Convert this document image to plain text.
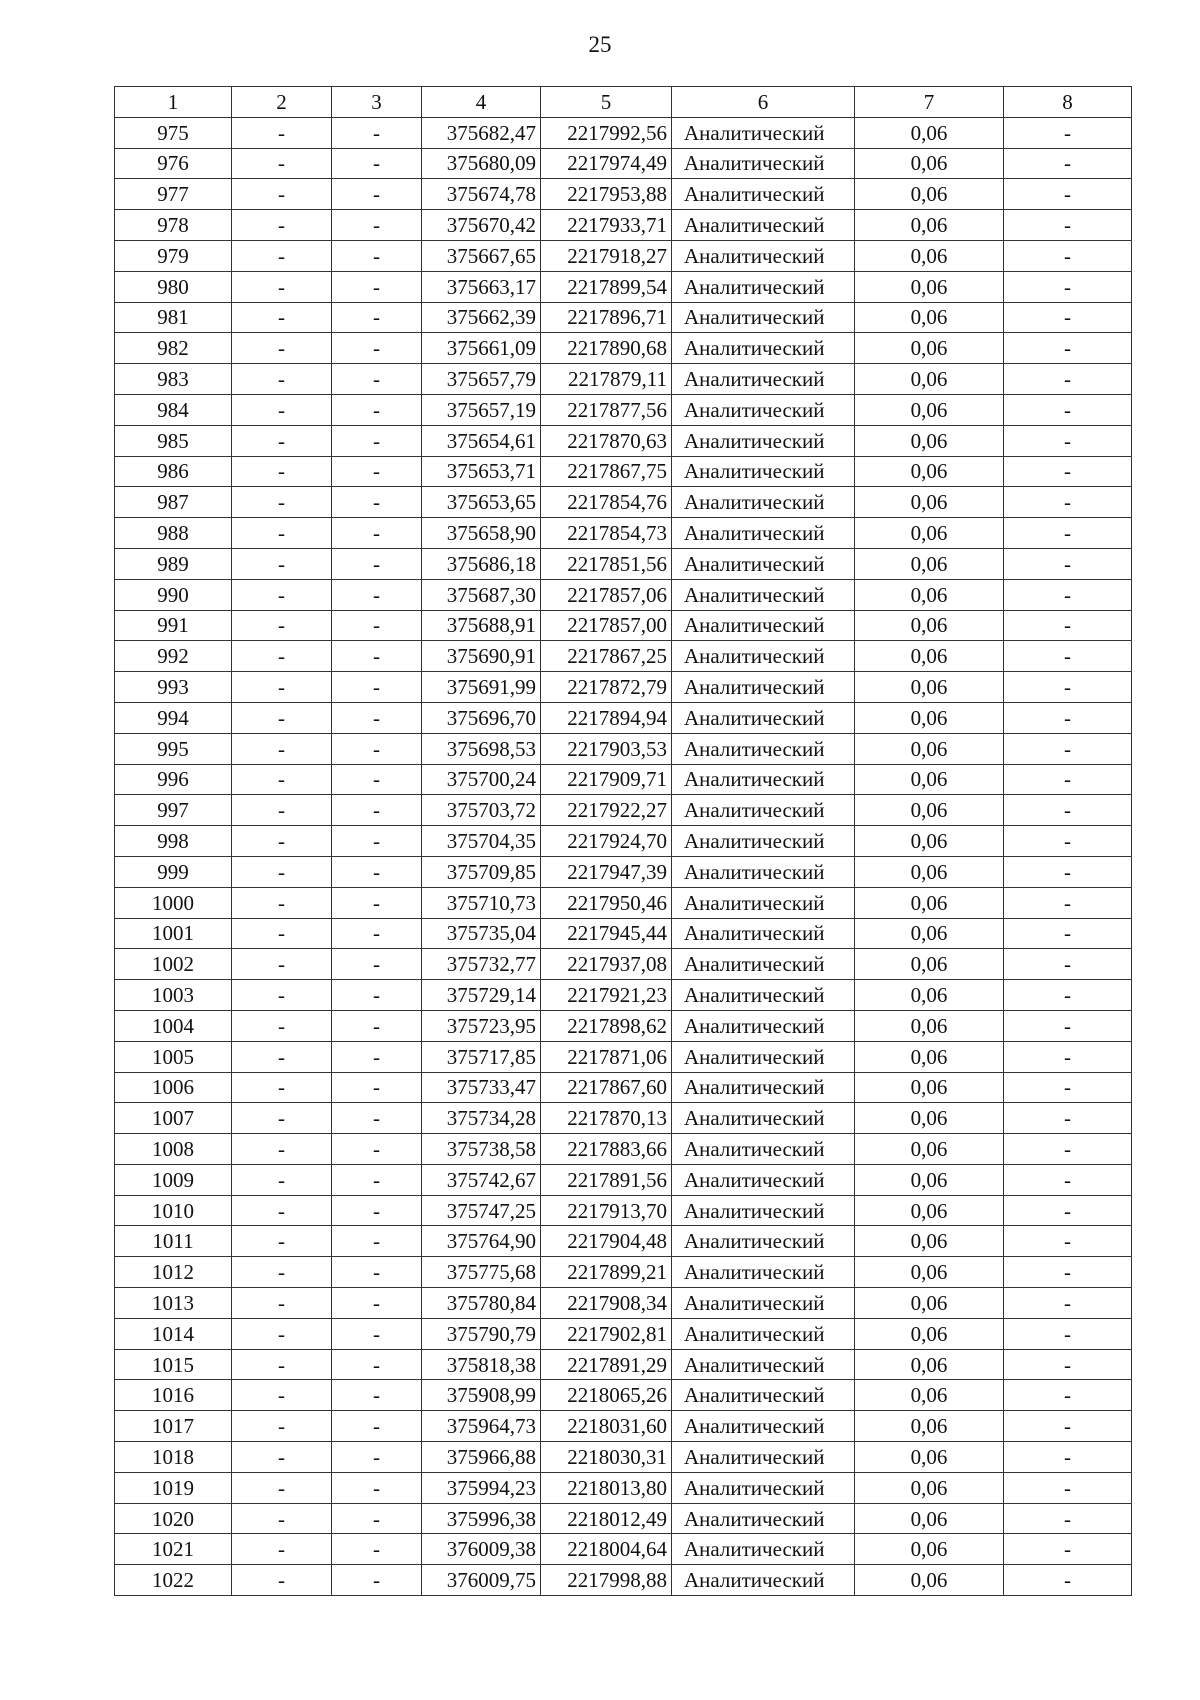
25
1	2	3	4	5	6	7	8
975	-	-	375682,47	2217992,56	Аналитический	0,06	-
976	-	-	375680,09	2217974,49	Аналитический	0,06	-
977	-	-	375674,78	2217953,88	Аналитический	0,06	-
978	-	-	375670,42	2217933,71	Аналитический	0,06	-
979	-	-	375667,65	2217918,27	Аналитический	0,06	-
980	-	-	375663,17	2217899,54	Аналитический	0,06	-
981	-	-	375662,39	2217896,71	Аналитический	0,06	-
982	-	-	375661,09	2217890,68	Аналитический	0,06	-
983	-	-	375657,79	2217879,11	Аналитический	0,06	-
984	-	-	375657,19	2217877,56	Аналитический	0,06	-
985	-	-	375654,61	2217870,63	Аналитический	0,06	-
986	-	-	375653,71	2217867,75	Аналитический	0,06	-
987	-	-	375653,65	2217854,76	Аналитический	0,06	-
988	-	-	375658,90	2217854,73	Аналитический	0,06	-
989	-	-	375686,18	2217851,56	Аналитический	0,06	-
990	-	-	375687,30	2217857,06	Аналитический	0,06	-
991	-	-	375688,91	2217857,00	Аналитический	0,06	-
992	-	-	375690,91	2217867,25	Аналитический	0,06	-
993	-	-	375691,99	2217872,79	Аналитический	0,06	-
994	-	-	375696,70	2217894,94	Аналитический	0,06	-
995	-	-	375698,53	2217903,53	Аналитический	0,06	-
996	-	-	375700,24	2217909,71	Аналитический	0,06	-
997	-	-	375703,72	2217922,27	Аналитический	0,06	-
998	-	-	375704,35	2217924,70	Аналитический	0,06	-
999	-	-	375709,85	2217947,39	Аналитический	0,06	-
1000	-	-	375710,73	2217950,46	Аналитический	0,06	-
1001	-	-	375735,04	2217945,44	Аналитический	0,06	-
1002	-	-	375732,77	2217937,08	Аналитический	0,06	-
1003	-	-	375729,14	2217921,23	Аналитический	0,06	-
1004	-	-	375723,95	2217898,62	Аналитический	0,06	-
1005	-	-	375717,85	2217871,06	Аналитический	0,06	-
1006	-	-	375733,47	2217867,60	Аналитический	0,06	-
1007	-	-	375734,28	2217870,13	Аналитический	0,06	-
1008	-	-	375738,58	2217883,66	Аналитический	0,06	-
1009	-	-	375742,67	2217891,56	Аналитический	0,06	-
1010	-	-	375747,25	2217913,70	Аналитический	0,06	-
1011	-	-	375764,90	2217904,48	Аналитический	0,06	-
1012	-	-	375775,68	2217899,21	Аналитический	0,06	-
1013	-	-	375780,84	2217908,34	Аналитический	0,06	-
1014	-	-	375790,79	2217902,81	Аналитический	0,06	-
1015	-	-	375818,38	2217891,29	Аналитический	0,06	-
1016	-	-	375908,99	2218065,26	Аналитический	0,06	-
1017	-	-	375964,73	2218031,60	Аналитический	0,06	-
1018	-	-	375966,88	2218030,31	Аналитический	0,06	-
1019	-	-	375994,23	2218013,80	Аналитический	0,06	-
1020	-	-	375996,38	2218012,49	Аналитический	0,06	-
1021	-	-	376009,38	2218004,64	Аналитический	0,06	-
1022	-	-	376009,75	2217998,88	Аналитический	0,06	-
